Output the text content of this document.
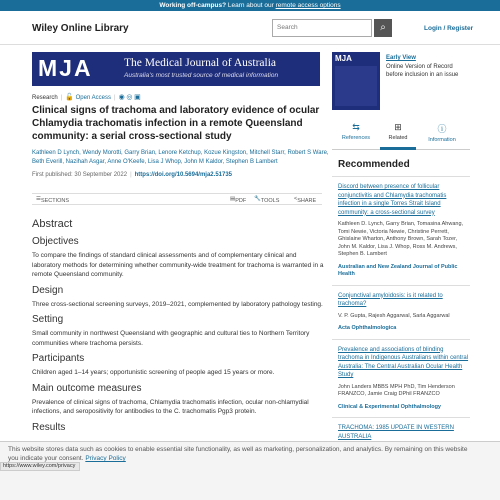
Working off-campus? Learn about our remote access options
Wiley Online Library	Search	⌕	Login / Register
MJA	The Medical Journal of Australia
Australia's most trusted source of medical information
MJA	Early View
Online Version of Record
before inclusion in an issue
Research | 🔓 Open Access | ◉ ◎ ▣
Clinical signs of trachoma and laboratory evidence of ocular Chlamydia trachomatis infection in a remote Queensland community: a serial cross-sectional study
Kathleen D Lynch, Wendy Morotti, Garry Brian, Lenore Ketchup, Kozue Kingston, Mitchell Starr, Robert S Ware, Beth Everill, Nazihah Asgar, Anne O'Keefe, Lisa J Whop, John M Kaldor, Stephen B Lambert
First published: 30 September 2022 | https://doi.org/10.5694/mja2.51735
☰ SECTIONS	▤ PDF 🔧 TOOLS	< SHARE
Abstract
Objectives
To compare the findings of standard clinical assessments and of complementary clinical and laboratory methods for determining whether community-wide treatment for trachoma is warranted in a remote Queensland community.
Design
Three cross-sectional screening surveys, 2019–2021, complemented by laboratory pathology testing.
Setting
Small community in northwest Queensland with geographic and cultural ties to Northern Territory communities where trachoma persists.
Participants
Children aged 1–14 years; opportunistic screening of people aged 15 years or more.
Main outcome measures
Prevalence of clinical signs of trachoma, Chlamydia trachomatis infection, ocular non-chlamydial infections, and seropositivity for antibodies to the C. trachomatis Pgp3 protein.
Results
⇆
References
⊞
Related
ⓘ
Information
Recommended
Discord between presence of follicular conjunctivitis and Chlamydia trachomatis infection in a single Torres Strait Island community: a cross-sectional survey
Kathleen D. Lynch, Garry Brian, Tomasina Ahwang, Tomi Newie, Victoria Newie, Christine Perrett, Ghislaine Wharton, Anthony Brown, Sarah Tozer, John M. Kaldor, Lisa J. Whop, Ross M. Andrews, Stephen B. Lambert
Australian and New Zealand Journal of Public Health
Conjunctival amyloidosis: is it related to trachoma?
V. P. Gupta, Rajesh Aggarwal, Sarla Aggarwal
Acta Ophthalmologica
Prevalence and associations of blinding trachoma in Indigenous Australians within central Australia: The Central Australian Ocular Health Study
John Landers MBBS MPH PhD, Tim Henderson FRANZCO, Jamie Craig DPhil FRANZCO
Clinical & Experimental Ophthalmology
TRACHOMA: 1985 UPDATE IN WESTERN AUSTRALIA
This website stores data such as cookies to enable essential site functionality, as well as marketing, personalization, and analytics. By remaining on this website you indicate your consent. Privacy Policy
https://www.wiley.com/privacy
